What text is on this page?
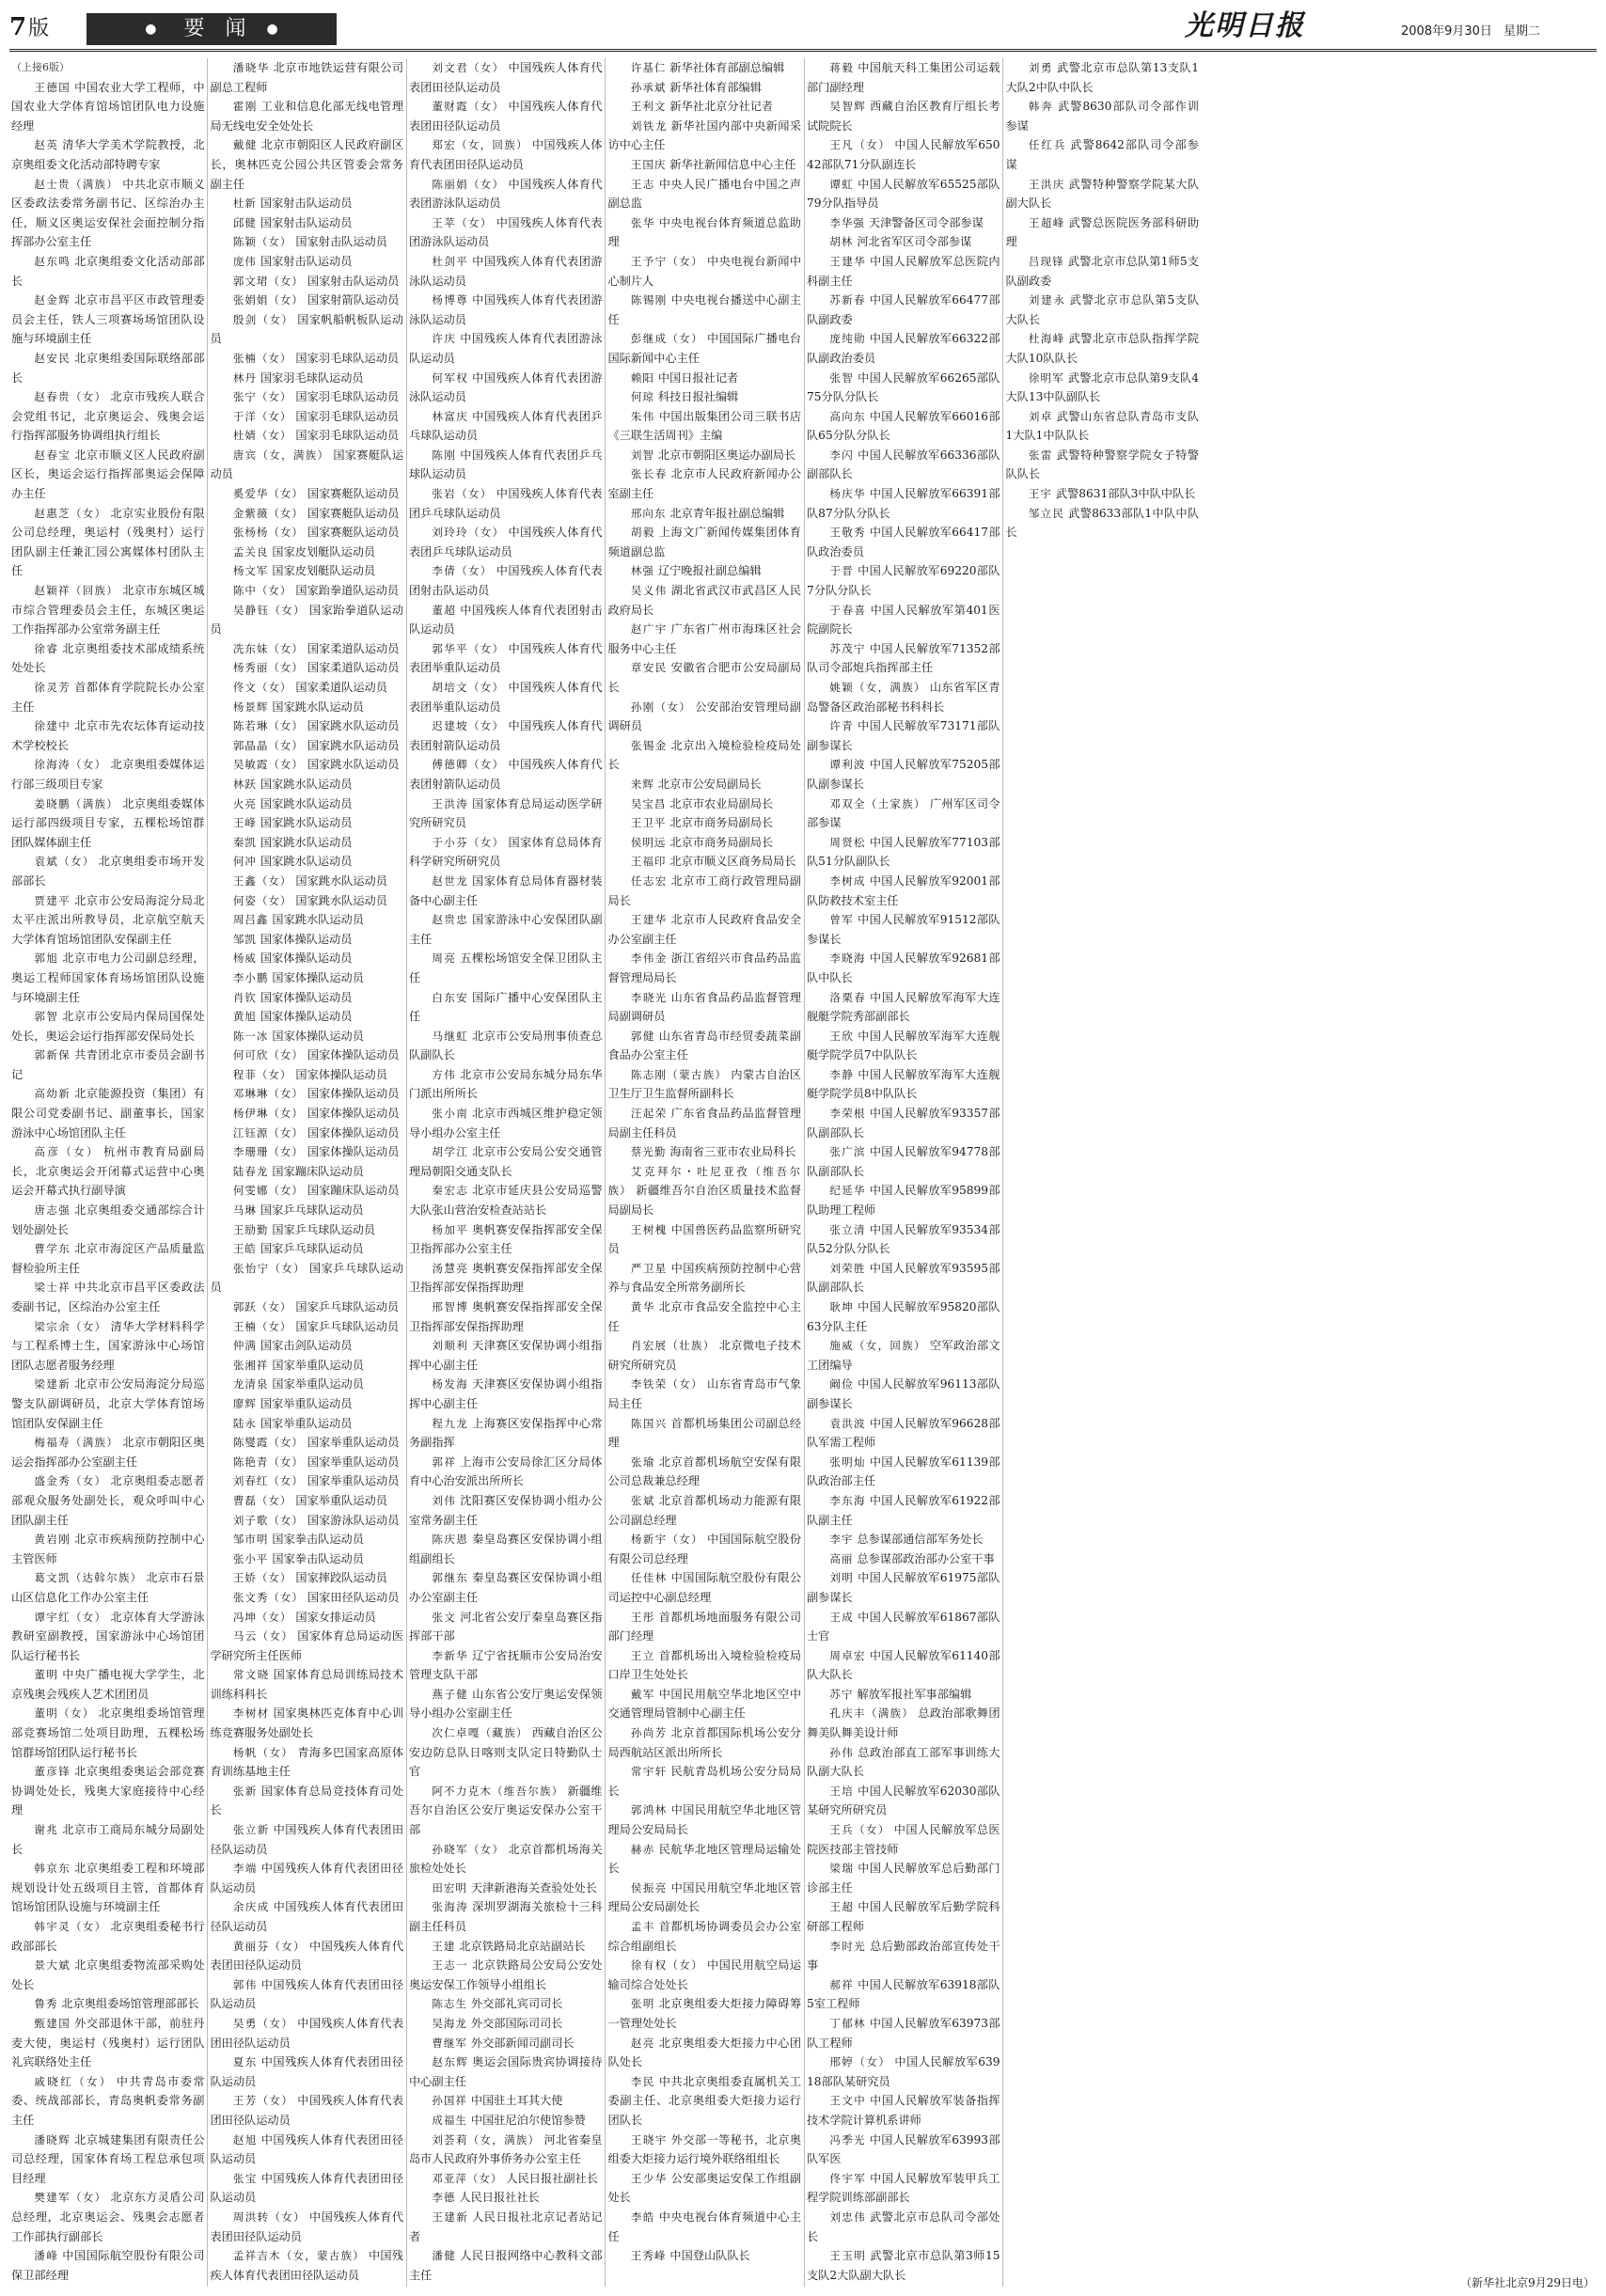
7版	● 要闻●	光明日报	2008年9月30日 星期二
（上接6版）
王德国 中国农业大学工程师，中国农业大学体育馆场馆团队电力设施经理
赵英 清华大学美术学院教授，北京奥组委文化活动部特聘专家
赵士贵（满族） 中共北京市顺义区委政法委常务副书记、区综治办主任，顺义区奥运安保社会面控制分指挥部办公室主任
赵东鸣 北京奥组委文化活动部部长
赵金辉 北京市昌平区市政管理委员会主任，铁人三项赛场场馆团队设施与环境副主任
赵安民 北京奥组委国际联络部部长
赵春贵（女） 北京市残疾人联合会党组书记，北京奥运会、残奥会运行指挥部服务协调组执行组长
赵春宝 北京市顺义区人民政府副区长，奥运会运行指挥部奥运会保障办主任
赵惠芝（女） 北京实业股份有限公司总经理，奥运村（残奥村）运行团队副主任兼汇园公寓媒体村团队主任
赵颖祥（回族） 北京市东城区城市综合管理委员会主任，东城区奥运工作指挥部办公室常务副主任
徐睿 北京奥组委技术部成绩系统处处长
徐灵芳 首都体育学院院长办公室主任
徐建中 北京市先农坛体育运动技术学校校长
徐海涛（女） 北京奥组委媒体运行部三级项目专家
姜晓鹏（满族） 北京奥组委媒体运行部四级项目专家，五棵松场馆群团队媒体副主任
袁斌（女） 北京奥组委市场开发部部长
贾建平 北京市公安局海淀分局北太平庄派出所教导员，北京航空航天大学体育馆场馆团队安保副主任
郭旭 北京市电力公司副总经理，奥运工程师国家体育场场馆团队设施与环境副主任
郭智 北京市公安局内保局国保处处长，奥运会运行指挥部安保局处长
郭新保 共青团北京市委员会副书记
高幼新 北京能源投资（集团）有限公司党委副书记、副董事长，国家游泳中心场馆团队主任
高彦（女） 杭州市教育局副局长，北京奥运会开闭幕式运营中心奥运会开幕式执行副导演
唐志强 北京奥组委交通部综合计划处副处长
曹学东 北京市海淀区产品质量监督检验所主任
梁士祥 中共北京市昌平区委政法委副书记，区综治办公室主任
梁宗余（女） 清华大学材料科学与工程系博士生，国家游泳中心场馆团队志愿者服务经理
梁建新 北京市公安局海淀分局巡警支队副调研员，北京大学体育馆场馆团队安保副主任
梅福寿（满族） 北京市朝阳区奥运会指挥部办公室副主任
盛金秀（女） 北京奥组委志愿者部观众服务处副处长，观众呼叫中心团队副主任
黄岩刚 北京市疾病预防控制中心主管医师
葛文凯（达斡尔族） 北京市石景山区信息化工作办公室主任
谭宇红（女） 北京体育大学游泳教研室副教授，国家游泳中心场馆团队运行秘书长
董明 中央广播电视大学学生，北京残奥会残疾人艺术团团员
董明（女） 北京奥组委场馆管理部竞赛场馆二处项目助理，五棵松场馆群场馆团队运行秘书长
董彦锋 北京奥组委奥运会部竞赛协调处处长，残奥大家庭接待中心经理
谢兆 北京市工商局东城分局副处长
韩京东 北京奥组委工程和环境部规划设计处五级项目主管，首都体育馆场馆团队设施与环境副主任
韩宇灵（女） 北京奥组委秘书行政部部长
景大斌 北京奥组委物流部采购处处长
鲁秀 北京奥组委场馆管理部部长
甄建国 外交部退休干部，前驻丹麦大使，奥运村（残奥村）运行团队礼宾联络处主任
戚晓红（女） 中共青岛市委常委、统战部部长，青岛奥帆委常务副主任
潘晓辉 北京城建集团有限责任公司总经理，国家体育场工程总承包项目经理
樊建军（女） 北京东方灵盾公司总经理，北京奥运会、残奥会志愿者工作部执行副部长
潘峰 中国国际航空股份有限公司保卫部经理
潘晓华 北京市地铁运营有限公司副总工程师
霍刚 工业和信息化部无线电管理局无线电安全处处长
戴健 北京市朝阳区人民政府副区长，奥林匹克公园公共区管委会常务副主任
杜新 国家射击队运动员
邱健 国家射击队运动员
陈颖（女） 国家射击队运动员
庞伟 国家射击队运动员
郭文珺（女） 国家射击队运动员
张娟娟（女） 国家射箭队运动员
殷剑（女） 国家帆船帆板队运动员
张楠（女） 国家羽毛球队运动员
林丹 国家羽毛球队运动员
张宁（女） 国家羽毛球队运动员
于洋（女） 国家羽毛球队运动员
杜婧（女） 国家羽毛球队运动员
唐宾（女，满族） 国家赛艇队运动员
奚爱华（女） 国家赛艇队运动员
金紫薇（女） 国家赛艇队运动员
张杨杨（女） 国家赛艇队运动员
孟关良 国家皮划艇队运动员
杨文军 国家皮划艇队运动员
陈中（女） 国家跆拳道队运动员
吴静钰（女） 国家跆拳道队运动员
冼东妹（女） 国家柔道队运动员
杨秀丽（女） 国家柔道队运动员
佟文（女） 国家柔道队运动员
杨景辉 国家跳水队运动员
陈若琳（女） 国家跳水队运动员
郭晶晶（女） 国家跳水队运动员
吴敏霞（女） 国家跳水队运动员
林跃 国家跳水队运动员
火亮 国家跳水队运动员
王峰 国家跳水队运动员
秦凯 国家跳水队运动员
何冲 国家跳水队运动员
王鑫（女） 国家跳水队运动员
何姿（女） 国家跳水队运动员
周吕鑫 国家跳水队运动员
邹凯 国家体操队运动员
杨威 国家体操队运动员
李小鹏 国家体操队运动员
肖钦 国家体操队运动员
黄旭 国家体操队运动员
陈一冰 国家体操队运动员
何可欣（女） 国家体操队运动员
程菲（女） 国家体操队运动员
邓琳琳（女） 国家体操队运动员
杨伊琳（女） 国家体操队运动员
江钰源（女） 国家体操队运动员
李珊珊（女） 国家体操队运动员
陆春龙 国家蹦床队运动员
何雯娜（女） 国家蹦床队运动员
马琳 国家乒乓球队运动员
王励勤 国家乒乓球队运动员
王皓 国家乒乓球队运动员
张怡宁（女） 国家乒乓球队运动员
郭跃（女） 国家乒乓球队运动员
王楠（女） 国家乒乓球队运动员
仲满 国家击剑队运动员
张湘祥 国家举重队运动员
龙清泉 国家举重队运动员
廖辉 国家举重队运动员
陆永 国家举重队运动员
陈燮霞（女） 国家举重队运动员
陈艳青（女） 国家举重队运动员
刘春红（女） 国家举重队运动员
曹磊（女） 国家举重队运动员
刘子歌（女） 国家游泳队运动员
邹市明 国家拳击队运动员
张小平 国家拳击队运动员
王娇（女） 国家摔跤队运动员
张文秀（女） 国家田径队运动员
冯坤（女） 国家女排运动员
马云（女） 国家体育总局运动医学研究所主任医师
常文晓 国家体育总局训练局技术训练科科长
李树材 国家奥林匹克体育中心训练竞赛服务处副处长
杨帆（女） 青海多巴国家高原体育训练基地主任
张新 国家体育总局竞技体育司处长
张立新 中国残疾人体育代表团田径队运动员
李端 中国残疾人体育代表团田径队运动员
余庆成 中国残疾人体育代表团田径队运动员
黄丽芬（女） 中国残疾人体育代表团田径队运动员
郭伟 中国残疾人体育代表团田径队运动员
吴勇（女） 中国残疾人体育代表团田径队运动员
夏东 中国残疾人体育代表团田径队运动员
王芳（女） 中国残疾人体育代表团田径队运动员
赵旭 中国残疾人体育代表团田径队运动员
张宝 中国残疾人体育代表团田径队运动员
周洪转（女） 中国残疾人体育代表团田径队运动员
孟祥吉木（女，蒙古族） 中国残疾人体育代表团田径队运动员
刘文君（女） 中国残疾人体育代表团田径队运动员
董财霞（女） 中国残疾人体育代表团田径队运动员
郑宏（女，回族） 中国残疾人体育代表团田径队运动员
陈丽娟（女） 中国残疾人体育代表团游泳队运动员
王苹（女） 中国残疾人体育代表团游泳队运动员
杜剑平 中国残疾人体育代表团游泳队运动员
杨博尊 中国残疾人体育代表团游泳队运动员
许庆 中国残疾人体育代表团游泳队运动员
何军权 中国残疾人体育代表团游泳队运动员
林富庆 中国残疾人体育代表团乒乓球队运动员
陈刚 中国残疾人体育代表团乒乓球队运动员
张岩（女） 中国残疾人体育代表团乒乓球队运动员
刘玲玲（女） 中国残疾人体育代表团乒乓球队运动员
李倩（女） 中国残疾人体育代表团射击队运动员
董超 中国残疾人体育代表团射击队运动员
郭华平（女） 中国残疾人体育代表团举重队运动员
胡培文（女） 中国残疾人体育代表团举重队运动员
迟建坡（女） 中国残疾人体育代表团射箭队运动员
傅德卿（女） 中国残疾人体育代表团射箭队运动员
王洪涛 国家体育总局运动医学研究所研究员
于小芬（女） 国家体育总局体育科学研究所研究员
赵世龙 国家体育总局体育器材装备中心副主任
赵贵忠 国家游泳中心安保团队副主任
周亮 五棵松场馆安全保卫团队主任
白东安 国际广播中心安保团队主任
马继虹 北京市公安局刑事侦查总队副队长
方伟 北京市公安局东城分局东华门派出所所长
张小南 北京市西城区维护稳定领导小组办公室主任
胡学江 北京市公安局公安交通管理局朝阳交通支队长
秦宏志 北京市延庆县公安局巡警大队张山营治安检查站站长
杨加平 奥帆赛安保指挥部安全保卫指挥部办公室主任
汤慧亮 奥帆赛安保指挥部安全保卫指挥部安保指挥助理
邢智博 奥帆赛安保指挥部安全保卫指挥部安保指挥助理
刘顺利 天津赛区安保协调小组指挥中心副主任
杨发海 天津赛区安保协调小组指挥中心副主任
程九龙 上海赛区安保指挥中心常务副指挥
郭祥 上海市公安局徐汇区分局体育中心治安派出所所长
刘伟 沈阳赛区安保协调小组办公室常务副主任
陈庆恩 秦皇岛赛区安保协调小组组副组长
郭继东 秦皇岛赛区安保协调小组办公室副主任
张文 河北省公安厅秦皇岛赛区指挥部干部
李新华 辽宁省抚顺市公安局治安管理支队干部
燕子健 山东省公安厅奥运安保领导小组办公室副主任
次仁卓嘎（藏族） 西藏自治区公安边防总队日喀则支队定日特勤队士官
阿不力克木（维吾尔族） 新疆维吾尔自治区公安厅奥运安保办公室干部
孙晓军（女） 北京首都机场海关旅检处处长
田宏明 天津新港海关查验处处长
张海涛 深圳罗湖海关旅检十三科副主任科员
王建 北京铁路局北京站副站长
王志一 北京铁路局公安局公安处奥运安保工作领导小组组长
陈志生 外交部礼宾司司长
吴海龙 外交部国际司司长
曹继军 外交部新闻司副司长
赵东辉 奥运会国际贵宾协调接待中心副主任
孙国祥 中国驻土耳其大使
成福生 中国驻尼泊尔使馆参赞
刘荟莉（女，满族） 河北省秦皇岛市人民政府外事侨务办公室主任
邓亚萍（女） 人民日报社副社长
李德 人民日报社社长
王建新 人民日报社北京记者站记者
潘健 人民日报网络中心教科文部主任
许基仁 新华社体育部副总编辑
孙承斌 新华社体育部编辑
王利文 新华社北京分社记者
刘铁龙 新华社国内部中央新闻采访中心主任
王国庆 新华社新闻信息中心主任
王志 中央人民广播电台中国之声副总监
张华 中央电视台体育频道总监助理
王予宁（女） 中央电视台新闻中心制片人
陈锡刚 中央电视台播送中心副主任
彭继成（女） 中国国际广播电台国际新闻中心主任
赖阳 中国日报社记者
何琼 科技日报社编辑
朱伟 中国出版集团公司三联书店《三联生活周刊》主编
刘智 北京市朝阳区奥运办副局长
张长春 北京市人民政府新闻办公室副主任
邢向东 北京青年报社副总编辑
胡毅 上海文广新闻传媒集团体育频道副总监
林强 辽宁晚报社副总编辑
吴义伟 湖北省武汉市武昌区人民政府局长
赵广宇 广东省广州市海珠区社会服务中心主任
章安民 安徽省合肥市公安局副局长
孙刚（女） 公安部治安管理局副调研员
张锡金 北京出入境检验检疫局处长
来辉 北京市公安局副局长
吴宝昌 北京市农业局副局长
王卫平 北京市商务局副局长
侯明远 北京市商务局副局长
王福印 北京市顺义区商务局局长
任志宏 北京市工商行政管理局副局长
王建华 北京市人民政府食品安全办公室副主任
李伟金 浙江省绍兴市食品药品监督管理局局长
李晓光 山东省食品药品监督管理局副调研员
郭健 山东省青岛市经贸委蔬菜副食品办公室主任
陈志刚（蒙古族） 内蒙古自治区卫生厅卫生监督所副科长
汪起荣 广东省食品药品监督管理局副主任科员
蔡光勤 海南省三亚市农业局科长
艾克拜尔・吐尼亚孜（维吾尔族） 新疆维吾尔自治区质量技术监督局副局长
王树槐 中国兽医药品监察所研究员
严卫星 中国疾病预防控制中心营养与食品安全所常务副所长
黄华 北京市食品安全监控中心主任
肖宏展（壮族） 北京微电子技术研究所研究员
李铁荣（女） 山东省青岛市气象局主任
陈国兴 首都机场集团公司副总经理
张瑜 北京首都机场航空安保有限公司总裁兼总经理
张斌 北京首都机场动力能源有限公司副总经理
杨新宇（女） 中国国际航空股份有限公司总经理
任佳林 中国国际航空股份有限公司运控中心副总经理
王彤 首都机场地面服务有限公司部门经理
王立 首都机场出入境检验检疫局口岸卫生处处长
戴军 中国民用航空华北地区空中交通管理局管制中心副主任
孙尚芳 北京首都国际机场公安分局西航站区派出所所长
常宇轩 民航青岛机场公安分局局长
郭鸿林 中国民用航空华北地区管理局公安局局长
赫赤 民航华北地区管理局运输处长
侯振亮 中国民用航空华北地区管理局公安局副处长
孟丰 首都机场协调委员会办公室综合组副组长
徐有权（女） 中国民用航空局运输司综合处处长
张明 北京奥组委大炬接力障碍筹一管理处处长
赵亮 北京奥组委大炬接力中心团队处长
李民 中共北京奥组委直属机关工委副主任、北京奥组委大炬接力运行团队长
王晓宇 外交部一等秘书，北京奥组委大炬接力运行境外联络组组长
王少华 公安部奥运安保工作组副处长
李皓 中央电视台体育频道中心主任
王秀峰 中国登山队队长
蒋毅 中国航天科工集团公司运载部门副经理
吴智辉 西藏自治区教育厅组长考试院院长
王凡（女） 中国人民解放军65042部队71分队副连长
谭虹 中国人民解放军65525部队79分队指导员
李华强 天津警备区司令部参谋
胡林 河北省军区司令部参谋
王建华 中国人民解放军总医院内科副主任
苏新春 中国人民解放军66477部队副政委
庞纯勋 中国人民解放军66322部队副政治委员
张智 中国人民解放军66265部队75分队分队长
高向东 中国人民解放军66016部队65分队分队长
李闪 中国人民解放军66336部队副部队长
杨庆华 中国人民解放军66391部队87分队分队长
王敬秀 中国人民解放军66417部队政治委员
于晋 中国人民解放军69220部队7分队分队长
于春喜 中国人民解放军第401医院副院长
苏茂宁 中国人民解放军71352部队司令部炮兵指挥部主任
姚颖（女，满族） 山东省军区青岛警备区政治部秘书科科长
许青 中国人民解放军73171部队副参谋长
谭利波 中国人民解放军75205部队副参谋长
邓双全（土家族） 广州军区司令部参谋
周贤松 中国人民解放军77103部队51分队副队长
李树成 中国人民解放军92001部队防救技术室主任
曾军 中国人民解放军91512部队参谋长
李晓海 中国人民解放军92681部队中队长
洛栗春 中国人民解放军海军大连舰艇学院秀部副部长
王欣 中国人民解放军海军大连舰艇学院学员7中队队长
李静 中国人民解放军海军大连舰艇学院学员8中队队长
李荣根 中国人民解放军93357部队副部队长
张广滨 中国人民解放军94778部队副部队长
纪延华 中国人民解放军95899部队助理工程师
张立清 中国人民解放军93534部队52分队分队长
刘荣胜 中国人民解放军93595部队副部队长
耿坤 中国人民解放军95820部队63分队主任
施威（女，回族） 空军政治部文工团编导
阚俭 中国人民解放军96113部队副参谋长
袁洪波 中国人民解放军96628部队军需工程师
张明灿 中国人民解放军61139部队政治部主任
李东海 中国人民解放军61922部队副主任
李宇 总参谋部通信部军务处长
高丽 总参谋部政治部办公室干事
刘明 中国人民解放军61975部队副参谋长
王成 中国人民解放军61867部队士官
周卓宏 中国人民解放军61140部队大队长
苏宁 解放军报社军事部编辑
孔庆丰（满族） 总政治部歌舞团舞美队舞美设计师
孙伟 总政治部直工部军事训练大队副大队长
王培 中国人民解放军62030部队某研究所研究员
王兵（女） 中国人民解放军总医院医技部主管技师
梁瑞 中国人民解放军总后勤部门诊部主任
王超 中国人民解放军后勤学院科研部工程师
李时光 总后勤部政治部宣传处干事
郝祥 中国人民解放军63918部队5室工程师
丁郁林 中国人民解放军63973部队工程师
邢婷（女） 中国人民解放军63918部队某研究员
王文中 中国人民解放军装备指挥技术学院计算机系讲师
冯季光 中国人民解放军63993部队军医
佟宇军 中国人民解放军装甲兵工程学院训练部副部长
刘忠伟 武警北京市总队司令部处长
王玉明 武警北京市总队第3师15支队2大队副大队长
刘勇 武警北京市总队第13支队1大队2中队中队长
韩奔 武警8630部队司令部作训参谋
任红兵 武警8642部队司令部参谋
王洪庆 武警特种警察学院某大队副大队长
王超峰 武警总医院医务部科研助理
吕现锋 武警北京市总队第1师5支队副政委
刘建永 武警北京市总队第5支队大队长
杜海峰 武警北京市总队指挥学院大队10队队长
徐明军 武警北京市总队第9支队4大队13中队副队长
刘卓 武警山东省总队青岛市支队1大队1中队队长
张雷 武警特种警察学院女子特警队队长
王宇 武警8631部队3中队中队长
邹立民 武警8633部队1中队中队长
（新华社北京9月29日电）
